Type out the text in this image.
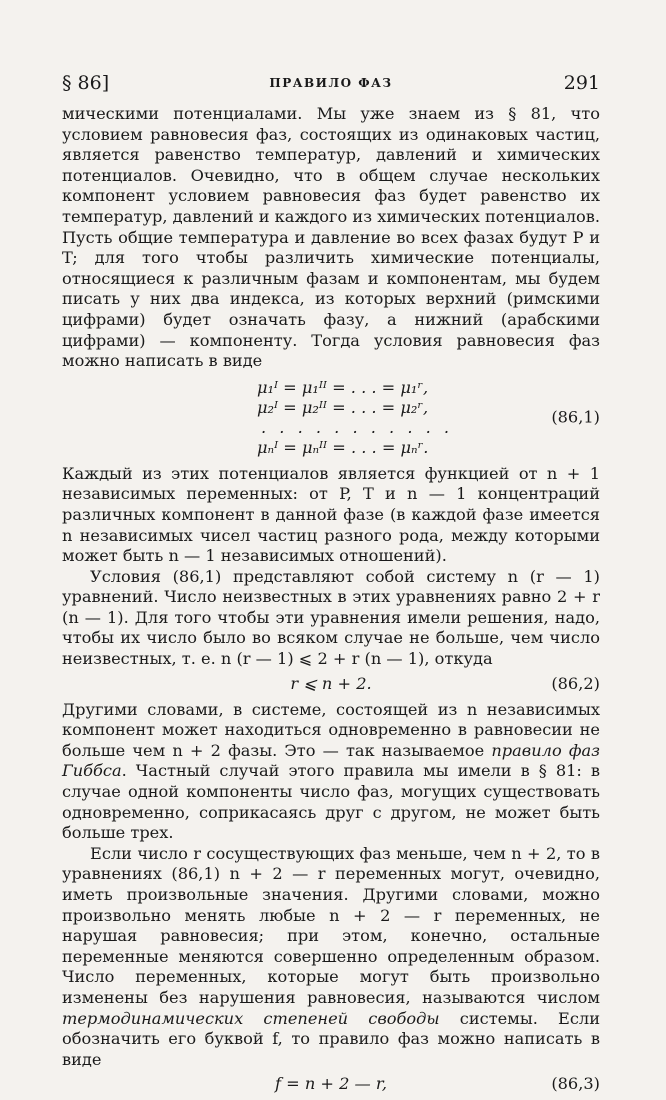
§ 86]	ПРАВИЛО ФАЗ	291

мическими потенциалами. Мы уже знаем из § 81, что условием равновесия фаз, состоящих из одинаковых частиц, является равенство температур, давлений и химических потенциалов. Очевидно, что в общем случае нескольких компонент условием равновесия фаз будет равенство их температур, давлений и каждого из химических потенциалов. Пусть общие температура и давление во всех фазах будут P и T; для того чтобы различить химические потенциалы, относящиеся к различным фазам и компонентам, мы будем писать у них два индекса, из которых верхний (римскими цифрами) будет означать фазу, а нижний (арабскими цифрами) — компоненту. Тогда условия равновесия фаз можно написать в виде

μ₁ᴵ = μ₁ᴵᴵ = . . . = μ₁ʳ,
μ₂ᴵ = μ₂ᴵᴵ = . . . = μ₂ʳ,
. . . . . . . . . . .
μₙᴵ = μₙᴵᴵ = . . . = μₙʳ.
(86,1)

Каждый из этих потенциалов является функцией от n + 1 независимых переменных: от P, T и n — 1 концентраций различных компонент в данной фазе (в каждой фазе имеется n независимых чисел частиц разного рода, между которыми может быть n — 1 независимых отношений).

Условия (86,1) представляют собой систему n (r — 1) уравнений. Число неизвестных в этих уравнениях равно 2 + r (n — 1). Для того чтобы эти уравнения имели решения, надо, чтобы их число было во всяком случае не больше, чем число неизвестных, т. е. n (r — 1) ⩽ 2 + r (n — 1), откуда

r ⩽ n + 2.	(86,2)

Другими словами, в системе, состоящей из n независимых компонент может находиться одновременно в равновесии не больше чем n + 2 фазы. Это — так называемое правило фаз Гиббса. Частный случай этого правила мы имели в § 81: в случае одной компоненты число фаз, могущих существовать одновременно, соприкасаясь друг с другом, не может быть больше трех.

Если число r сосуществующих фаз меньше, чем n + 2, то в уравнениях (86,1) n + 2 — r переменных могут, очевидно, иметь произвольные значения. Другими словами, можно произвольно менять любые n + 2 — r переменных, не нарушая равновесия; при этом, конечно, остальные переменные меняются совершенно определенным образом. Число переменных, которые могут быть произвольно изменены без нарушения равновесия, называются числом термодинамических степеней свободы системы. Если обозначить его буквой f, то правило фаз можно написать в виде

f = n + 2 — r,	(86,3)
